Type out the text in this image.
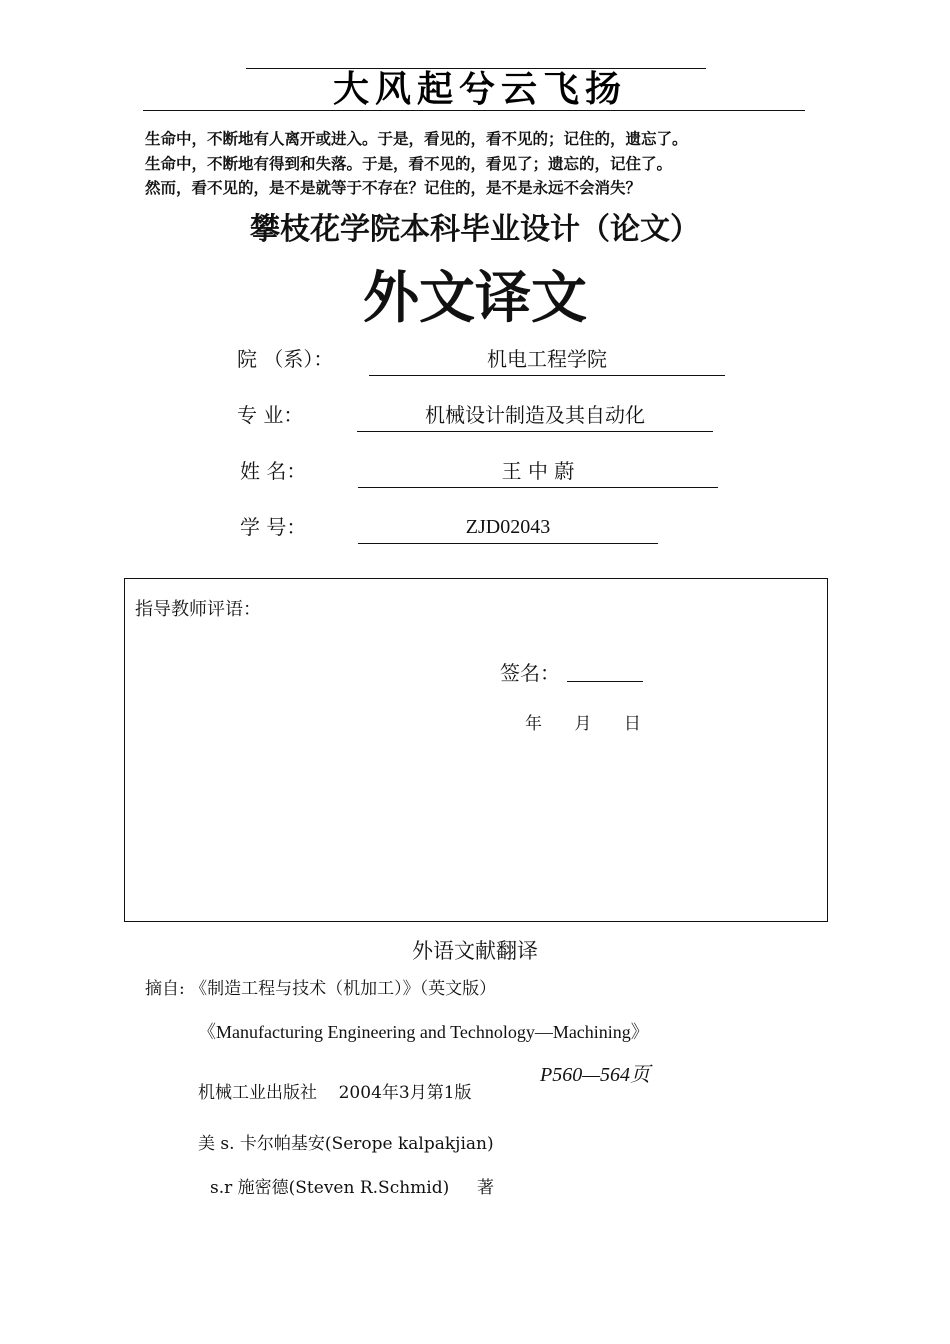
大风起兮云飞扬
生命中，不断地有人离开或进入。于是，看见的，看不见的；记住的，遗忘了。
生命中，不断地有得到和失落。于是，看不见的，看见了；遗忘的，记住了。
然而，看不见的，是不是就等于不存在？记住的，是不是永远不会消失？
攀枝花学院本科毕业设计（论文）
外文译文
院 （系）：	机电工程学院
专 业：	机械设计制造及其自动化
姓 名：	王 中 蔚
学 号：	ZJD02043
指导教师评语：
签名：
年      月      日
外语文献翻译
摘自: 《制造工程与技术（机加工）》（英文版）
《Manufacturing Engineering and Technology—Machining》
P560—564页
机械工业出版社    2004年3月第1版
美 s. 卡尔帕基安(Serope kalpakjian)
s.r 施密德(Steven R.Schmid) 著
